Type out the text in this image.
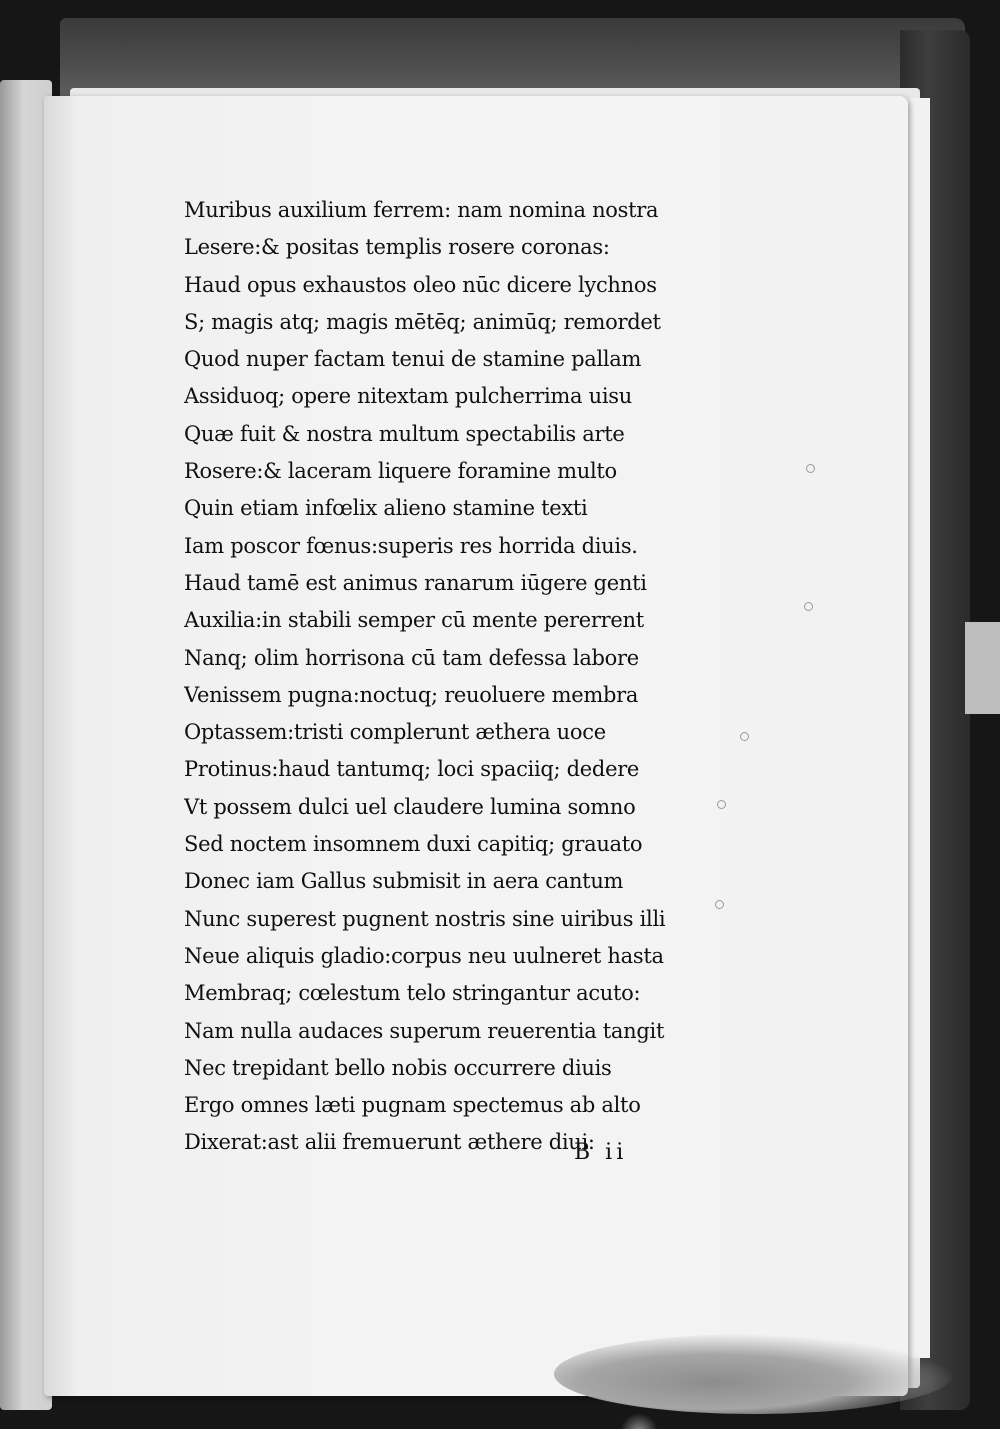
Muribus auxilium ferrem: nam nomina nostra
Lesere:& positas templis rosere coronas:
Haud opus exhaustos oleo nūc dicere lychnos
S; magis atq; magis mētēq; animūq; remordet
Quod nuper factam tenui de stamine pallam
Assiduoq; opere nitextam pulcherrima uisu
Quæ fuit & nostra multum spectabilis arte
Rosere:& laceram liquere foramine multo
Quin etiam infœlix alieno stamine texti
Iam poscor fœnus:superis res horrida diuis.
Haud tamē est animus ranarum iūgere genti
Auxilia:in stabili semper cū mente pererrent
Nanq; olim horrisona cū tam defessa labore
Venissem pugna:noctuq; reuoluere membra
Optassem:tristi complerunt æthera uoce
Protinus:haud tantumq; loci spaciiq; dedere
Vt possem dulci uel claudere lumina somno
Sed noctem insomnem duxi capitiq; grauato
Donec iam Gallus submisit in aera cantum
Nunc superest pugnent nostris sine uiribus illi
Neue aliquis gladio:corpus neu uulneret hasta
Membraq; cœlestum telo stringantur acuto:
Nam nulla audaces superum reuerentia tangit
Nec trepidant bello nobis occurrere diuis
Ergo omnes læti pugnam spectemus ab alto
Dixerat:ast alii fremuerunt æthere diui:
B ii
